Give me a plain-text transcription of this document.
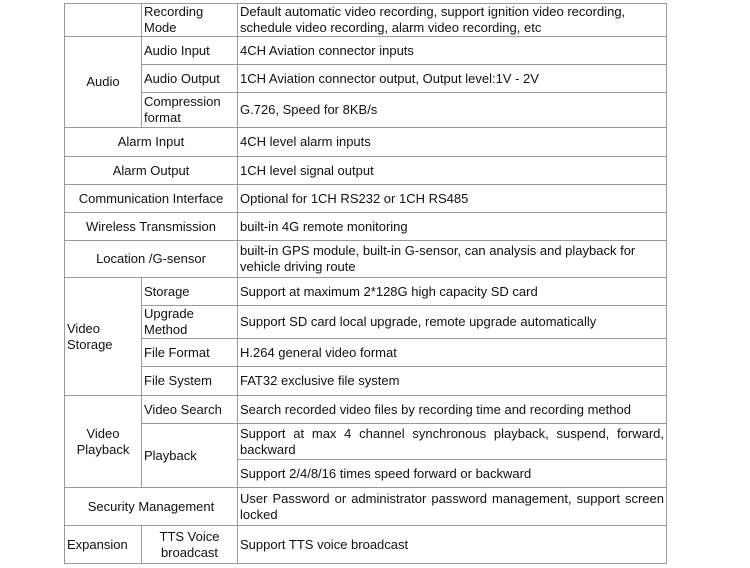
	Recording Mode	Default automatic video recording, support ignition video recording, schedule video recording, alarm video recording, etc
Audio	Audio Input	4CH Aviation connector inputs
	Audio Output	1CH Aviation connector output, Output level:1V - 2V
	Compression format	G.726, Speed for 8KB/s
Alarm Input		4CH level alarm inputs
Alarm Output		1CH level signal output
Communication Interface		Optional for 1CH RS232 or 1CH RS485
Wireless Transmission		built-in 4G remote monitoring
Location /G-sensor		built-in GPS module, built-in G-sensor, can analysis and playback for vehicle driving route
Video Storage	Storage	Support at maximum 2*128G high capacity SD card
	Upgrade Method	Support SD card local upgrade, remote upgrade automatically
	File Format	H.264 general video format
	File System	FAT32 exclusive file system
Video Playback	Video Search	Search recorded video files by recording time and recording method
	Playback	Support at max 4 channel synchronous playback, suspend, forward, backward
		Support 2/4/8/16 times speed forward or backward
Security Management		User Password or administrator password management, support screen locked
Expansion	TTS Voice broadcast	Support TTS voice broadcast
